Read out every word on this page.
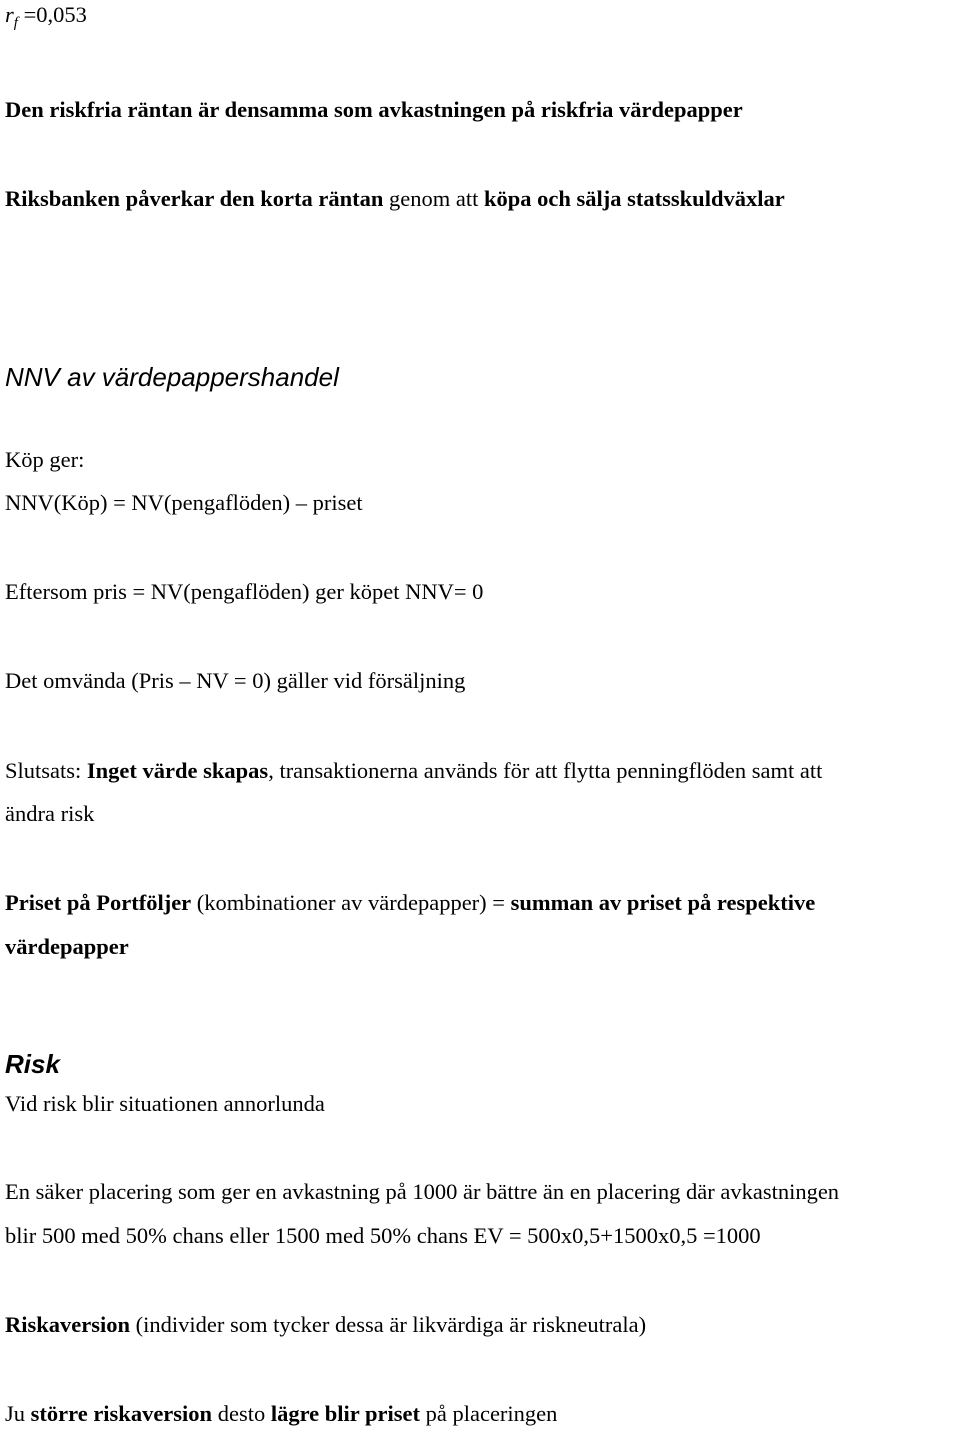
$r_f =0,053$
Den riskfria räntan är densamma som avkastningen på riskfria värdepapper
Riksbanken påverkar den korta räntan genom att köpa och sälja statsskuldväxlar
NNV av värdepappershandel
Köp ger:
NNV(Köp) = NV(pengaflöden) – priset
Eftersom pris = NV(pengaflöden) ger köpet NNV= 0
Det omvända (Pris – NV = 0) gäller vid försäljning
Slutsats: Inget värde skapas, transaktionerna används för att flytta penningflöden samt att
ändra risk
Priset på Portföljer (kombinationer av värdepapper) = summan av priset på respektive
värdepapper
Risk
Vid risk blir situationen annorlunda
En säker placering som ger en avkastning på 1000 är bättre än en placering där avkastningen
blir 500 med 50% chans eller 1500 med 50% chans EV = 500x0,5+1500x0,5 =1000
Riskaversion (individer som tycker dessa är likvärdiga är riskneutrala)
Ju större riskaversion desto lägre blir priset på placeringen
